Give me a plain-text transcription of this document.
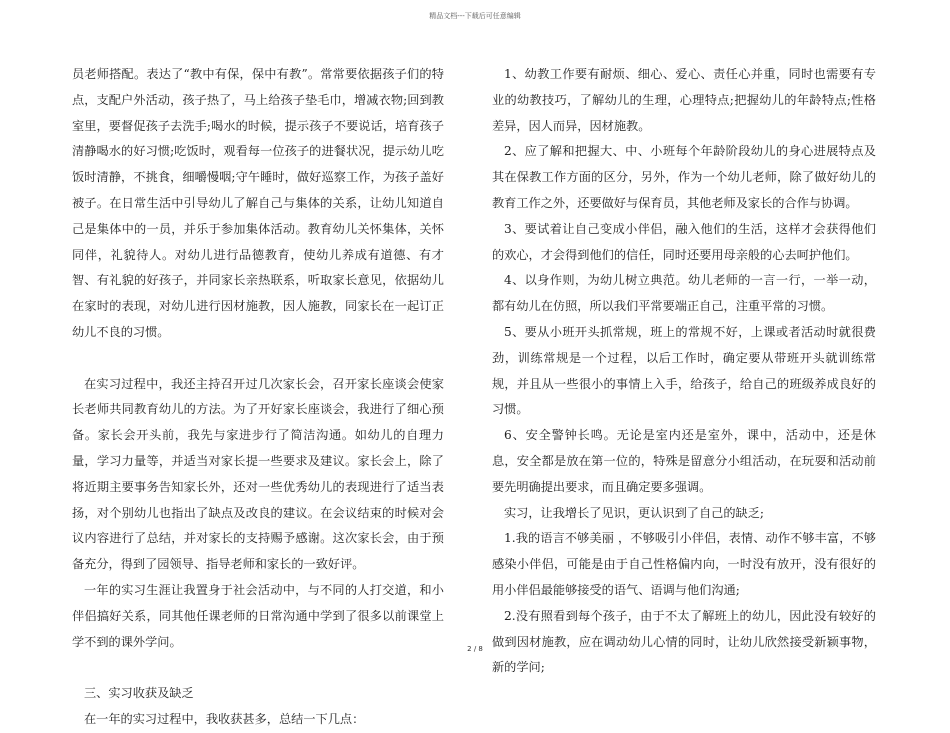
精品文档---下载后可任意编辑

员老师搭配。表达了“教中有保，保中有教”。常常要依据孩子们的特点，支配户外活动，孩子热了，马上给孩子垫毛巾，增减衣物;回到教室里，要督促孩子去洗手;喝水的时候，提示孩子不要说话，培育孩子清静喝水的好习惯;吃饭时，观看每一位孩子的进餐状况，提示幼儿吃饭时清静，不挑食，细嚼慢咽;守午睡时，做好巡察工作，为孩子盖好被子。在日常生活中引导幼儿了解自己与集体的关系，让幼儿知道自己是集体中的一员，并乐于参加集体活动。教育幼儿关怀集体，关怀同伴，礼貌待人。对幼儿进行品德教育，使幼儿养成有道德、有才智、有礼貌的好孩子，并同家长亲热联系，听取家长意见，依据幼儿在家时的表现，对幼儿进行因材施教，因人施教，同家长在一起订正幼儿不良的习惯。

在实习过程中，我还主持召开过几次家长会，召开家长座谈会使家长老师共同教育幼儿的方法。为了开好家长座谈会，我进行了细心预备。家长会开头前，我先与家进步行了简洁沟通。如幼儿的自理力量，学习力量等，并适当对家长提一些要求及建议。家长会上，除了将近期主要事务告知家长外，还对一些优秀幼儿的表现进行了适当表扬，对个别幼儿也指出了缺点及改良的建议。在会议结束的时候对会议内容进行了总结，并对家长的支持赐予感谢。这次家长会，由于预备充分，得到了园领导、指导老师和家长的一致好评。

一年的实习生涯让我置身于社会活动中，与不同的人打交道，和小伴侣搞好关系，同其他任课老师的日常沟通中学到了很多以前课堂上学不到的课外学问。

三、实习收获及缺乏

在一年的实习过程中，我收获甚多，总结一下几点：

1、幼教工作要有耐烦、细心、爱心、责任心并重，同时也需要有专业的幼教技巧，了解幼儿的生理，心理特点;把握幼儿的年龄特点;性格差异，因人而异，因材施教。

2、应了解和把握大、中、小班每个年龄阶段幼儿的身心进展特点及其在保教工作方面的区分，另外，作为一个幼儿老师，除了做好幼儿的教育工作之外，还要做好与保育员，其他老师及家长的合作与协调。

3、要试着让自己变成小伴侣，融入他们的生活，这样才会获得他们的欢心，才会得到他们的信任，同时还要用母亲般的心去呵护他们。

4、以身作则，为幼儿树立典范。幼儿老师的一言一行，一举一动，都有幼儿在仿照，所以我们平常要端正自己，注重平常的习惯。

5、要从小班开头抓常规，班上的常规不好，上课或者活动时就很费劲，训练常规是一个过程，以后工作时，确定要从带班开头就训练常规，并且从一些很小的事情上入手，给孩子，给自己的班级养成良好的习惯。

6、安全警钟长鸣。无论是室内还是室外，课中，活动中，还是休息，安全都是放在第一位的，特殊是留意分小组活动，在玩耍和活动前要先明确提出要求，而且确定要多强调。

实习，让我增长了见识，更认识到了自己的缺乏;

1.我的语言不够美丽 ，不够吸引小伴侣，表情、动作不够丰富，不够感染小伴侣，可能是由于自己性格偏内向，一时没有放开，没有很好的用小伴侣最能够接受的语气、语调与他们沟通;

2.没有照看到每个孩子，由于不太了解班上的幼儿，因此没有较好的做到因材施教，应在调动幼儿心情的同时，让幼儿欣然接受新颖事物，新的学问;

2 / 8
